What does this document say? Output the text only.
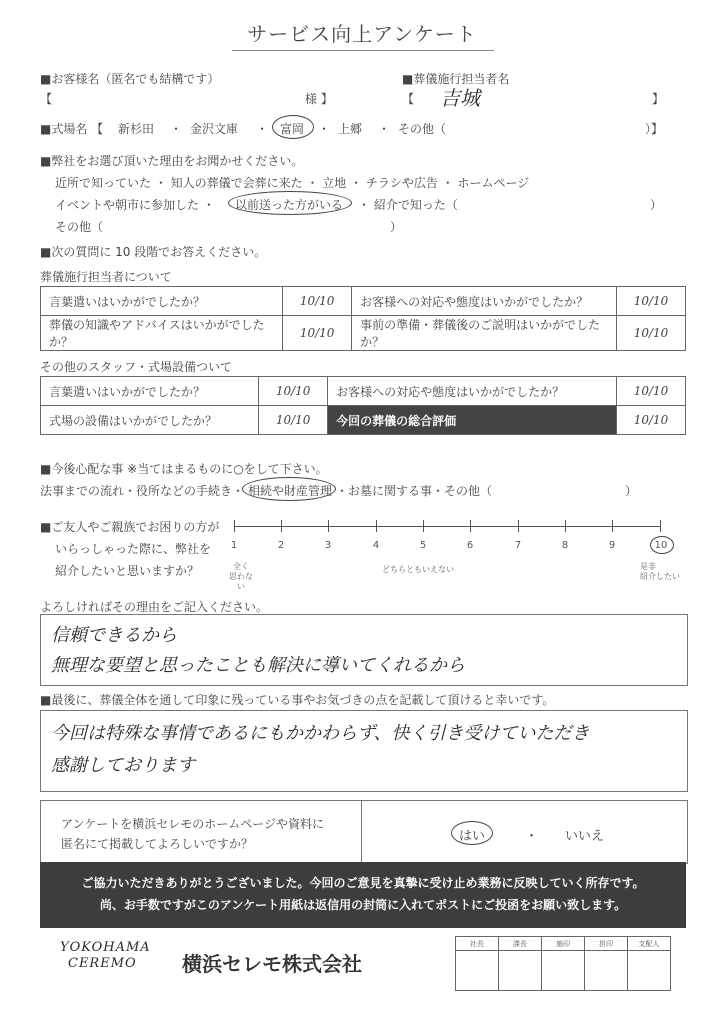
サービス向上アンケート
■お客様名（匿名でも結構です）
【	様 】
■葬儀施行担当者名
【 吉城	】
■式場名 【 新杉田 ・ 金沢文庫 ・ 富岡 ・ 上郷 ・ その他（	）】
■弊社をお選び頂いた理由をお聞かせください。
近所で知っていた ・ 知人の葬儀で会葬に来た ・ 立地 ・ チラシや広告 ・ ホームページ
イベントや朝市に参加した ・ 以前送った方がいる ・ 紹介で知った（	）
その他（	）
■次の質問に 10 段階でお答えください。
葬儀施行担当者について
言葉遣いはいかがでしたか？	10/10	お客様への対応や態度はいかがでしたか？	10/10
葬儀の知識やアドバイスはいかがでしたか？	10/10	事前の準備・葬儀後のご説明はいかがでしたか？	10/10
その他のスタッフ・式場設備ついて
言葉遣いはいかがでしたか？	10/10	お客様への対応や態度はいかがでしたか？	10/10
式場の設備はいかがでしたか？	10/10	今回の葬儀の総合評価	10/10
■今後心配な事 ※当てはまるものに○をして下さい。
法事までの流れ・役所などの手続き・ 相続や財産管理 ・お墓に関する事・その他（	）
■ご友人やご親族でお困りの方が
いらっしゃった際に、弊社を
紹介したいと思いますか？
1	2	3	4	5	6	7	8	9	10
全く
思わない
どちらともいえない	是非
紹介したい
よろしければその理由をご記入ください。
信頼できるから
無理な要望と思ったことも解決に導いてくれるから
■最後に、葬儀全体を通して印象に残っている事やお気づきの点を記載して頂けると幸いです。
今回は特殊な事情であるにもかかわらず、快く引き受けていただき
感謝しております
アンケートを横浜セレモのホームページや資料に
匿名にて掲載してよろしいですか？	はい	・ いいえ
ご協力いただきありがとうございました。今回のご意見を真摯に受け止め業務に反映していく所存です。
尚、お手数ですがこのアンケート用紙は返信用の封筒に入れてポストにご投函をお願い致します。
YOKOHAMA
CEREMO 横浜セレモ株式会社
社長	課長	施印	担印	支配人
